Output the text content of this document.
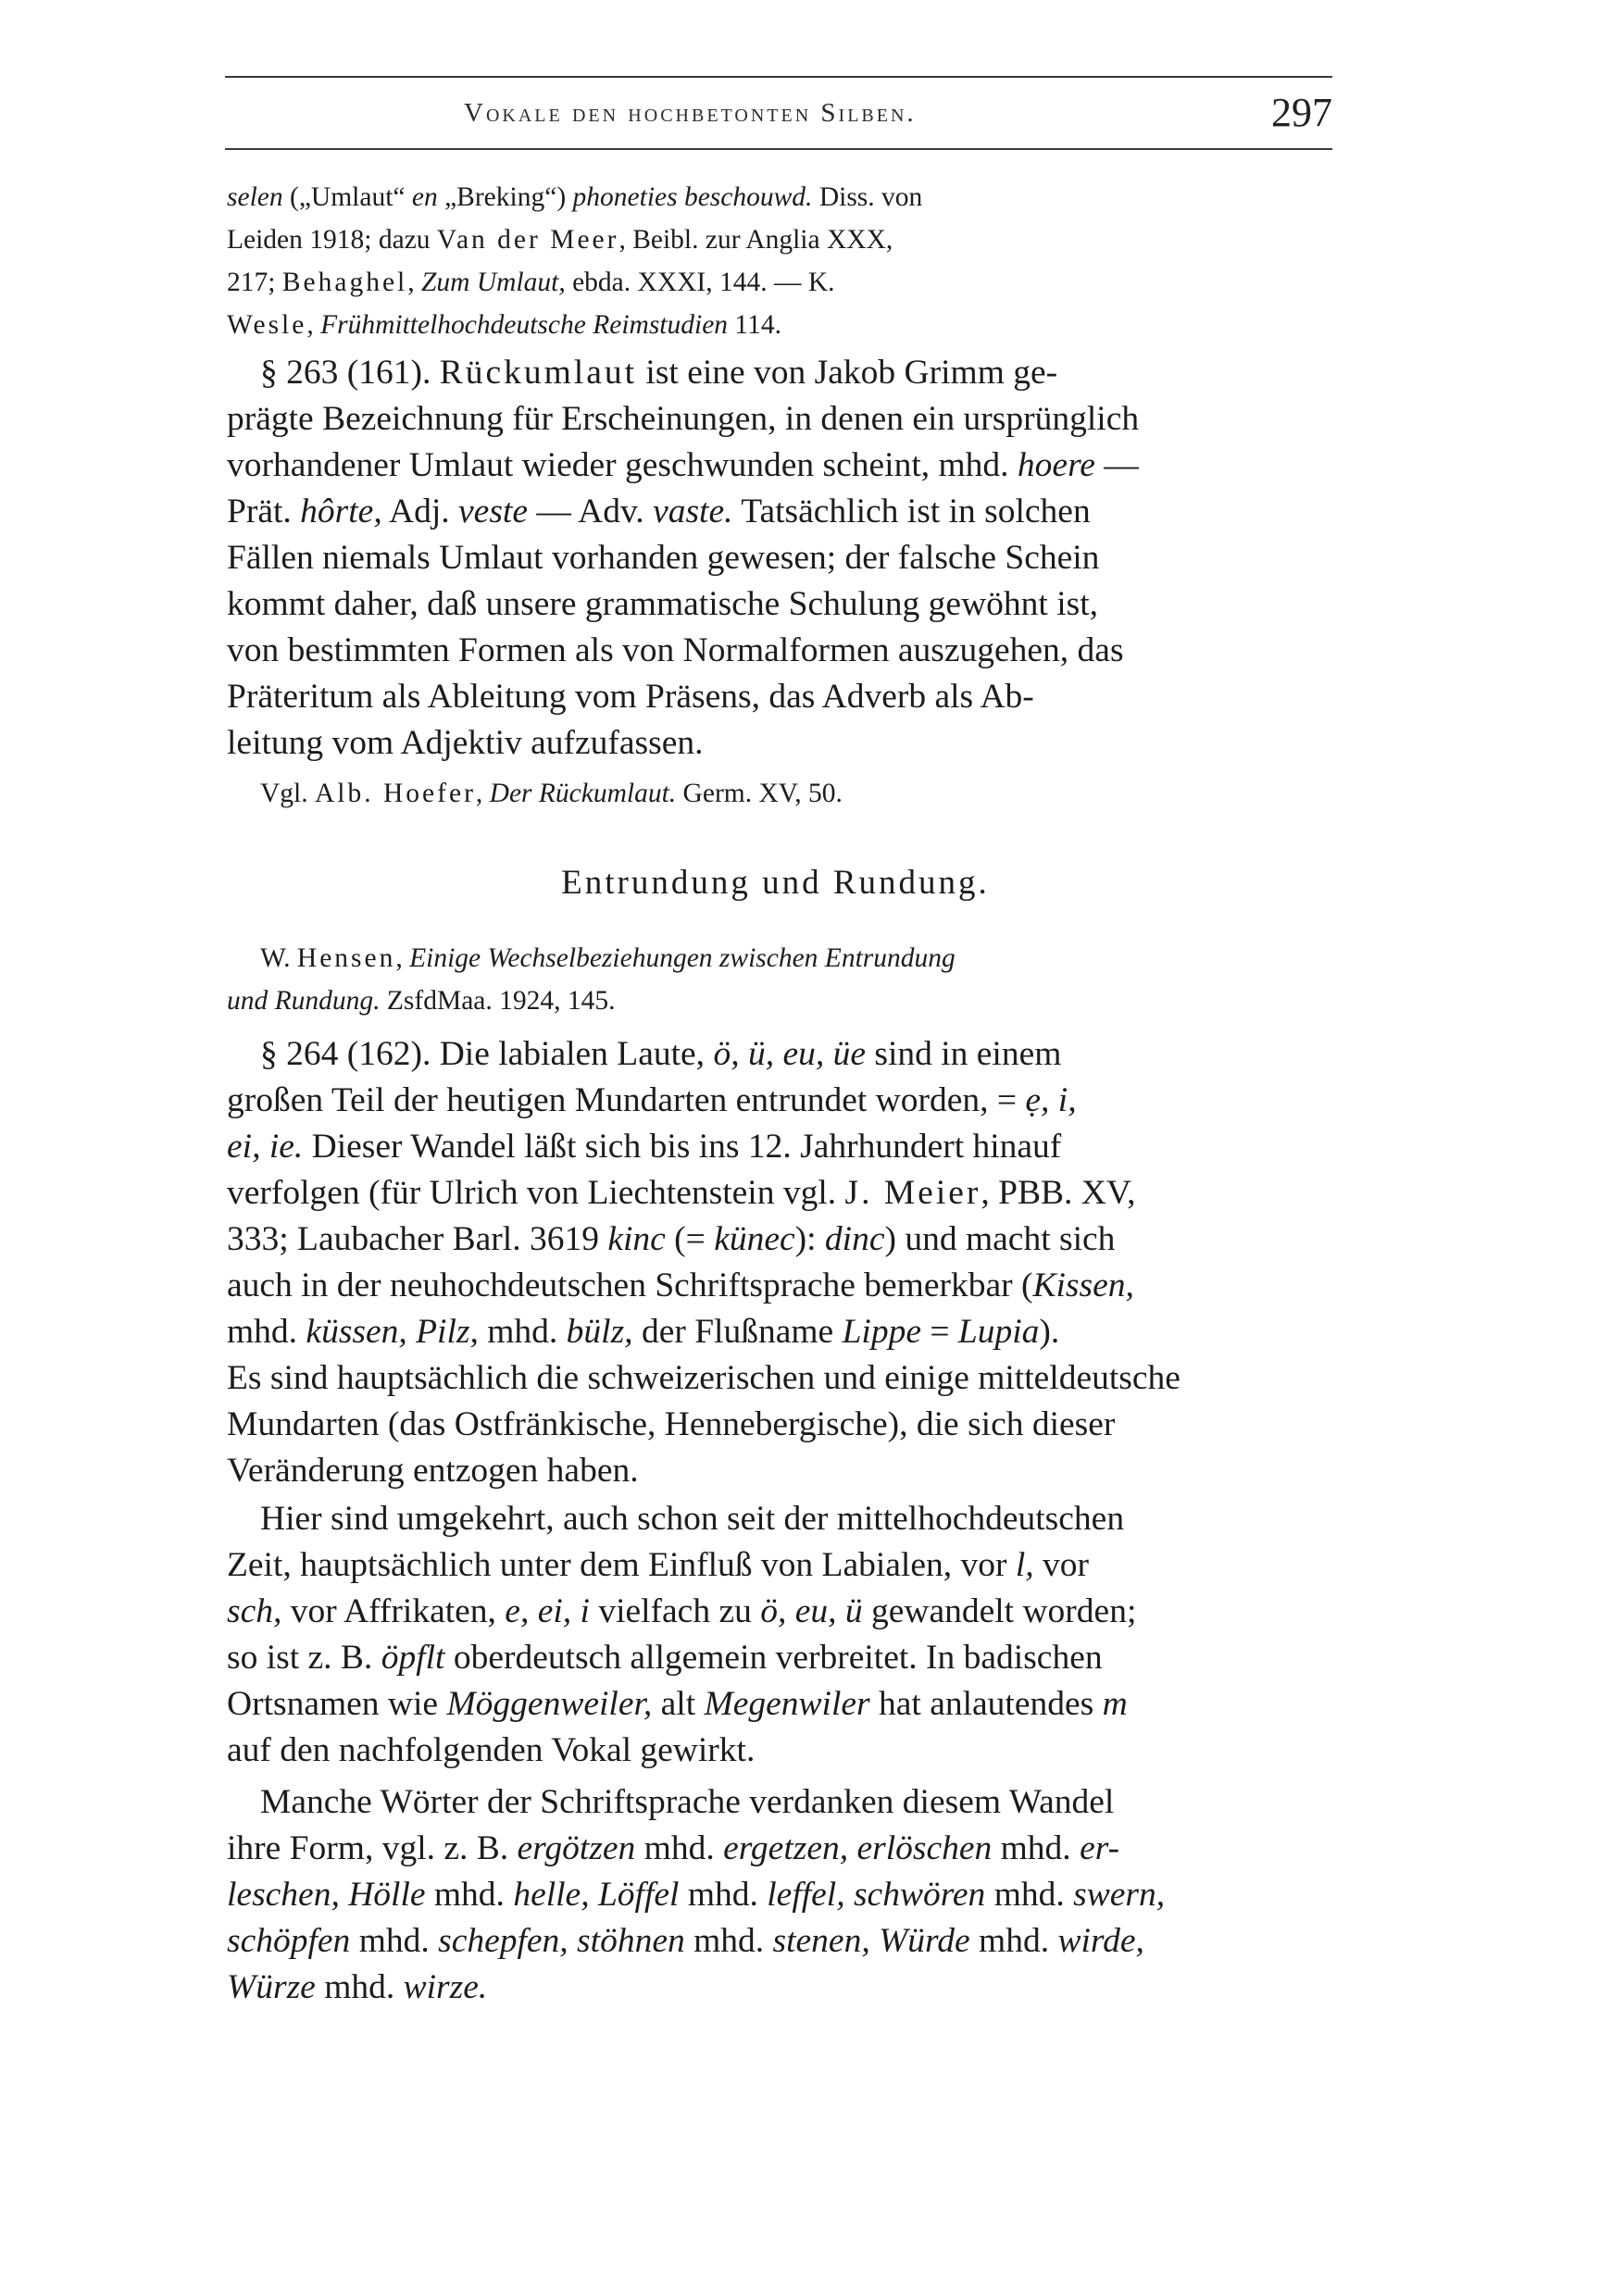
Vokale den hochbetonten Silben.	297

selen („Umlaut“ en „Breking“) phoneties beschouwd. Diss. von
Leiden 1918; dazu Van der Meer, Beibl. zur Anglia XXX,
217; Behaghel, Zum Umlaut, ebda. XXXI, 144. — K.
Wesle, Frühmittelhochdeutsche Reimstudien 114.

§ 263 (161). Rückumlaut ist eine von Jakob Grimm ge-
prägte Bezeichnung für Erscheinungen, in denen ein ursprünglich
vorhandener Umlaut wieder geschwunden scheint, mhd. hoere —
Prät. hôrte, Adj. veste — Adv. vaste. Tatsächlich ist in solchen
Fällen niemals Umlaut vorhanden gewesen; der falsche Schein
kommt daher, daß unsere grammatische Schulung gewöhnt ist,
von bestimmten Formen als von Normalformen auszugehen, das
Präteritum als Ableitung vom Präsens, das Adverb als Ab-
leitung vom Adjektiv aufzufassen.

Vgl. Alb. Hoefer, Der Rückumlaut. Germ. XV, 50.

Entrundung und Rundung.

W. Hensen, Einige Wechselbeziehungen zwischen Entrundung
und Rundung. ZsfdMaa. 1924, 145.

§ 264 (162). Die labialen Laute, ö, ü, eu, üe sind in einem
großen Teil der heutigen Mundarten entrundet worden, = ẹ, i,
ei, ie. Dieser Wandel läßt sich bis ins 12. Jahrhundert hinauf
verfolgen (für Ulrich von Liechtenstein vgl. J. Meier, PBB. XV,
333; Laubacher Barl. 3619 kinc (= künec): dinc) und macht sich
auch in der neuhochdeutschen Schriftsprache bemerkbar (Kissen,
mhd. küssen, Pilz, mhd. bülz, der Flußname Lippe = Lupia).
Es sind hauptsächlich die schweizerischen und einige mitteldeutsche
Mundarten (das Ostfränkische, Hennebergische), die sich dieser
Veränderung entzogen haben.

Hier sind umgekehrt, auch schon seit der mittelhochdeutschen
Zeit, hauptsächlich unter dem Einfluß von Labialen, vor l, vor
sch, vor Affrikaten, e, ei, i vielfach zu ö, eu, ü gewandelt worden;
so ist z. B. öpflt oberdeutsch allgemein verbreitet. In badischen
Ortsnamen wie Möggenweiler, alt Megenwiler hat anlautendes m
auf den nachfolgenden Vokal gewirkt.

Manche Wörter der Schriftsprache verdanken diesem Wandel
ihre Form, vgl. z. B. ergötzen mhd. ergetzen, erlöschen mhd. er-
leschen, Hölle mhd. helle, Löffel mhd. leffel, schwören mhd. swern,
schöpfen mhd. schepfen, stöhnen mhd. stenen, Würde mhd. wirde,
Würze mhd. wirze.
